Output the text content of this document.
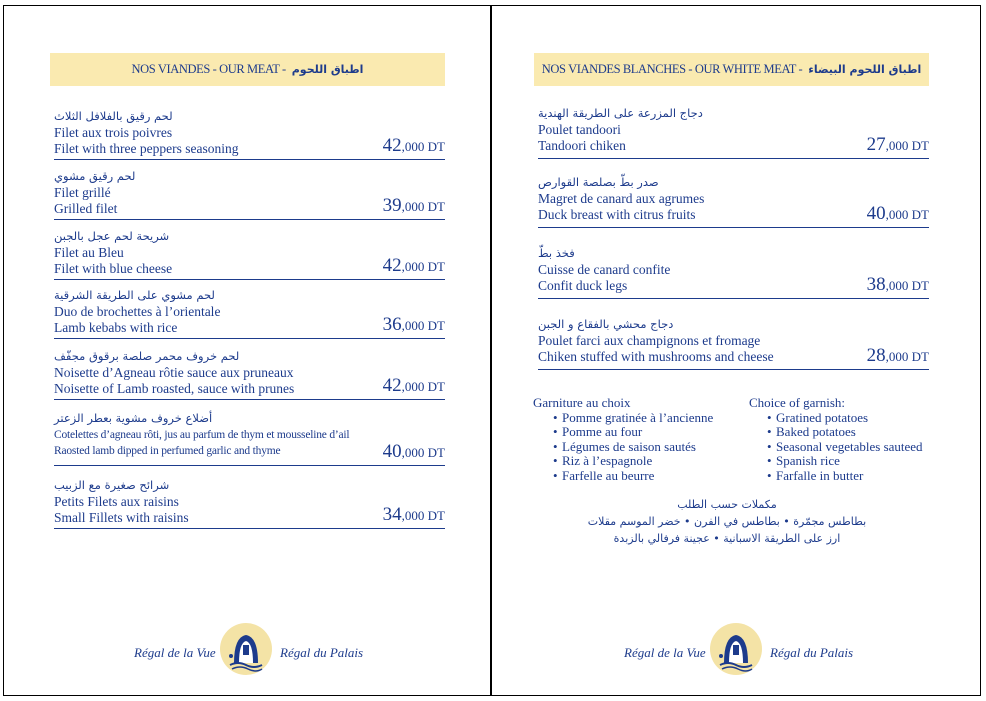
NOS VIANDES - OUR MEAT - اطباق اللحوم
لحم رقيق بالفلافل الثلاث
Filet aux trois poivres
Filet with three peppers seasoning	42,000 DT
لحم رقيق مشوي
Filet grillé
Grilled filet	39,000 DT
شريحة لحم عجل بالجبن
Filet au Bleu
Filet with blue cheese	42,000 DT
لحم مشوي على الطريقة الشرقية
Duo de brochettes à l’orientale
Lamb kebabs with rice	36,000 DT
لحم خروف محمر صلصة برقوق مجفّف
Noisette d’Agneau rôtie sauce aux pruneaux
Noisette of Lamb roasted, sauce with prunes	42,000 DT
أضلاع خروف مشوية بعطر الزعتر
Cotelettes d’agneau rôti, jus au parfum de thym et mousseline d’ail
Raosted lamb dipped in perfumed garlic and thyme	40,000 DT
شرائح صغيرة مع الزبيب
Petits Filets aux raisins
Small Fillets with raisins	34,000 DT
Régal de la Vue	Régal du Palais
NOS VIANDES BLANCHES - OUR WHITE MEAT - اطباق اللحوم البيضاء
دجاج المزرعة على الطريقة الهندية
Poulet tandoori
Tandoori chiken	27,000 DT
صدر بطّ بصلصة القوارص
Magret de canard aux agrumes
Duck breast with citrus fruits	40,000 DT
فخذ بطّ
Cuisse de canard confite
Confit duck legs	38,000 DT
دجاج محشي بالفقاع و الجبن
Poulet farci aux champignons et fromage
Chiken stuffed with mushrooms and cheese	28,000 DT
Garniture au choix
• Pomme gratinée à l’ancienne
• Pomme au four
• Légumes de saison sautés
• Riz à l’espagnole
• Farfelle au beurre
Choice of garnish:
• Gratined potatoes
• Baked potatoes
• Seasonal vegetables sauteed
• Spanish rice
• Farfalle in butter
مكملات حسب الطلب
بطاطس مجمّرة • بطاطس في الفرن • خضر الموسم مقلات
ارز على الطريقة الاسبانية • عجينة فرفالي بالزبدة
Régal de la Vue	Régal du Palais
